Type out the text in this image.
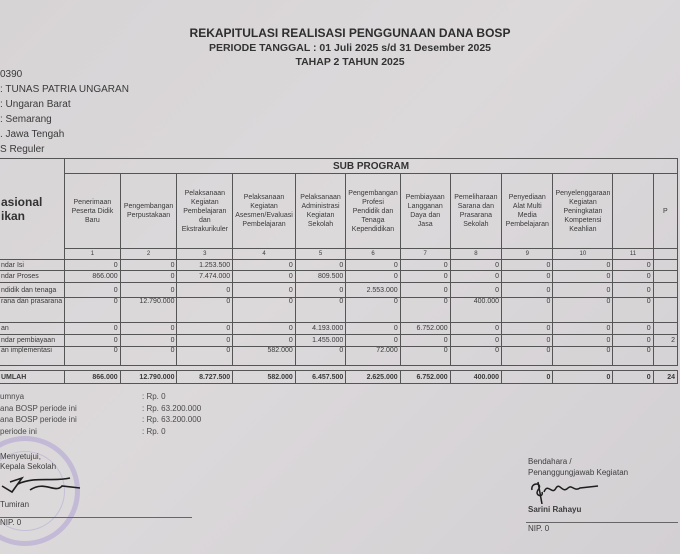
REKAPITULASI REALISASI PENGGUNAAN DANA BOSP
PERIODE TANGGAL : 01 Juli 2025 s/d 31 Desember 2025
TAHAP 2 TAHUN 2025
0390
: TUNAS PATRIA UNGARAN
: Ungaran Barat
: Semarang
. Jawa Tengah
S Reguler
asional
ikan	SUB PROGRAM											
	Penerimaan Peserta Didik Baru	Pengembangan Perpustakaan	Pelaksanaan Kegiatan Pembelajaran dan Ekstrakurikuler	Pelaksanaan Kegiatan Asesmen/Evaluasi Pembelajaran	Pelaksanaan Administrasi Kegiatan Sekolah	Pengembangan Profesi Pendidik dan Tenaga Kependidikan	Pembiayaan Langganan Daya dan Jasa	Pemeliharaan Sarana dan Prasarana Sekolah	Penyediaan Alat Multi Media Pembelajaran	Penyelenggaraan Kegiatan Peningkatan Kompetensi Keahlian		P
	1	2	3	4	5	6	7	8	9	10	11	
ndar Isi	0	0	1.253.500	0	0	0	0	0	0	0	0	
ndar Proses	866.000	0	7.474.000	0	809.500	0	0	0	0	0	0	
ndidik dan tenaga	0	0	0	0	0	2.553.000	0	0	0	0	0	
rana dan prasarana	0	12.790.000	0	0	0	0	0	400.000	0	0	0	
an	0	0	0	0	4.193.000	0	6.752.000	0	0	0	0	
ndar pembiayaan	0	0	0	0	1.455.000	0	0	0	0	0	0	2
an implementasi	0	0	0	582.000	0	72.000	0	0	0	0	0	

UMLAH	866.000	12.790.000	8.727.500	582.000	6.457.500	2.625.000	6.752.000	400.000	0	0	0	24
umnya	: Rp. 0
ana BOSP periode ini	: Rp. 63.200.000
ana BOSP periode ini	: Rp. 63.200.000
periode ini	: Rp. 0
Menyetujui,
Kepala Sekolah
Tumiran
NIP. 0
Bendahara /
Penanggungjawab Kegiatan
Sarini Rahayu
NIP. 0
